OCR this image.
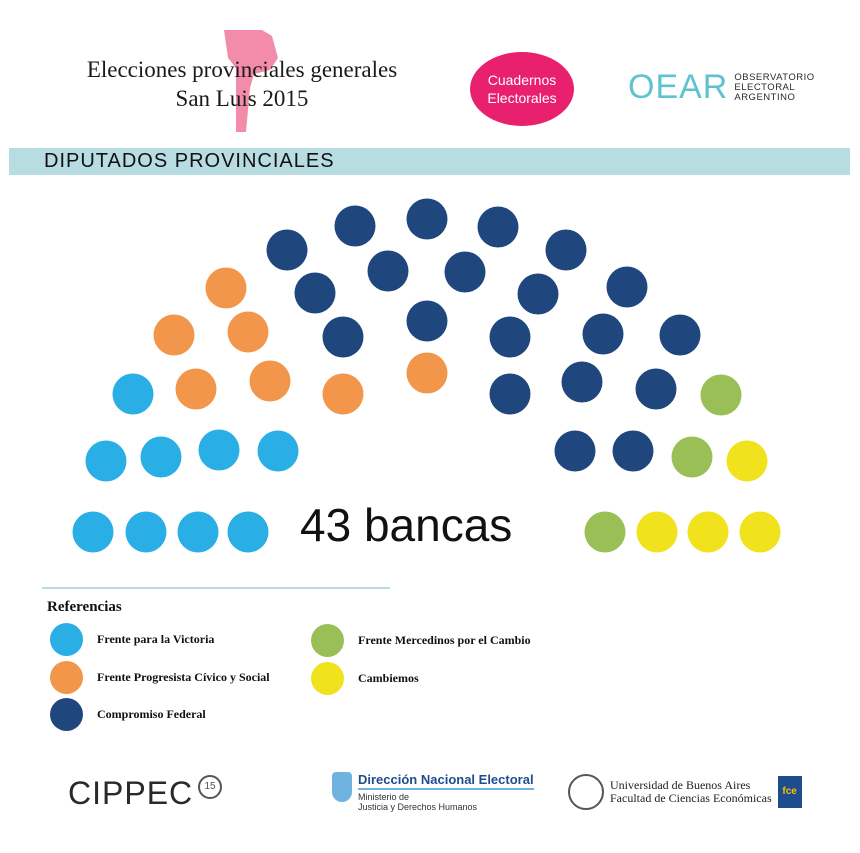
Elecciones provinciales generales
San Luis 2015
Cuadernos
Electorales OEAR OBSERVATORIO
ELECTORAL
ARGENTINO
DIPUTADOS PROVINCIALES
43 bancas
Referencias
Frente para la Victoria
Frente Progresista Cívico y Social
Compromiso Federal
Frente Mercedinos por el Cambio
Cambiemos
CIPPEC	15	Dirección Nacional Electoral
Ministerio de
Justicia y Derechos Humanos
Universidad de Buenos Aires
Facultad de Ciencias Económicas	fce
